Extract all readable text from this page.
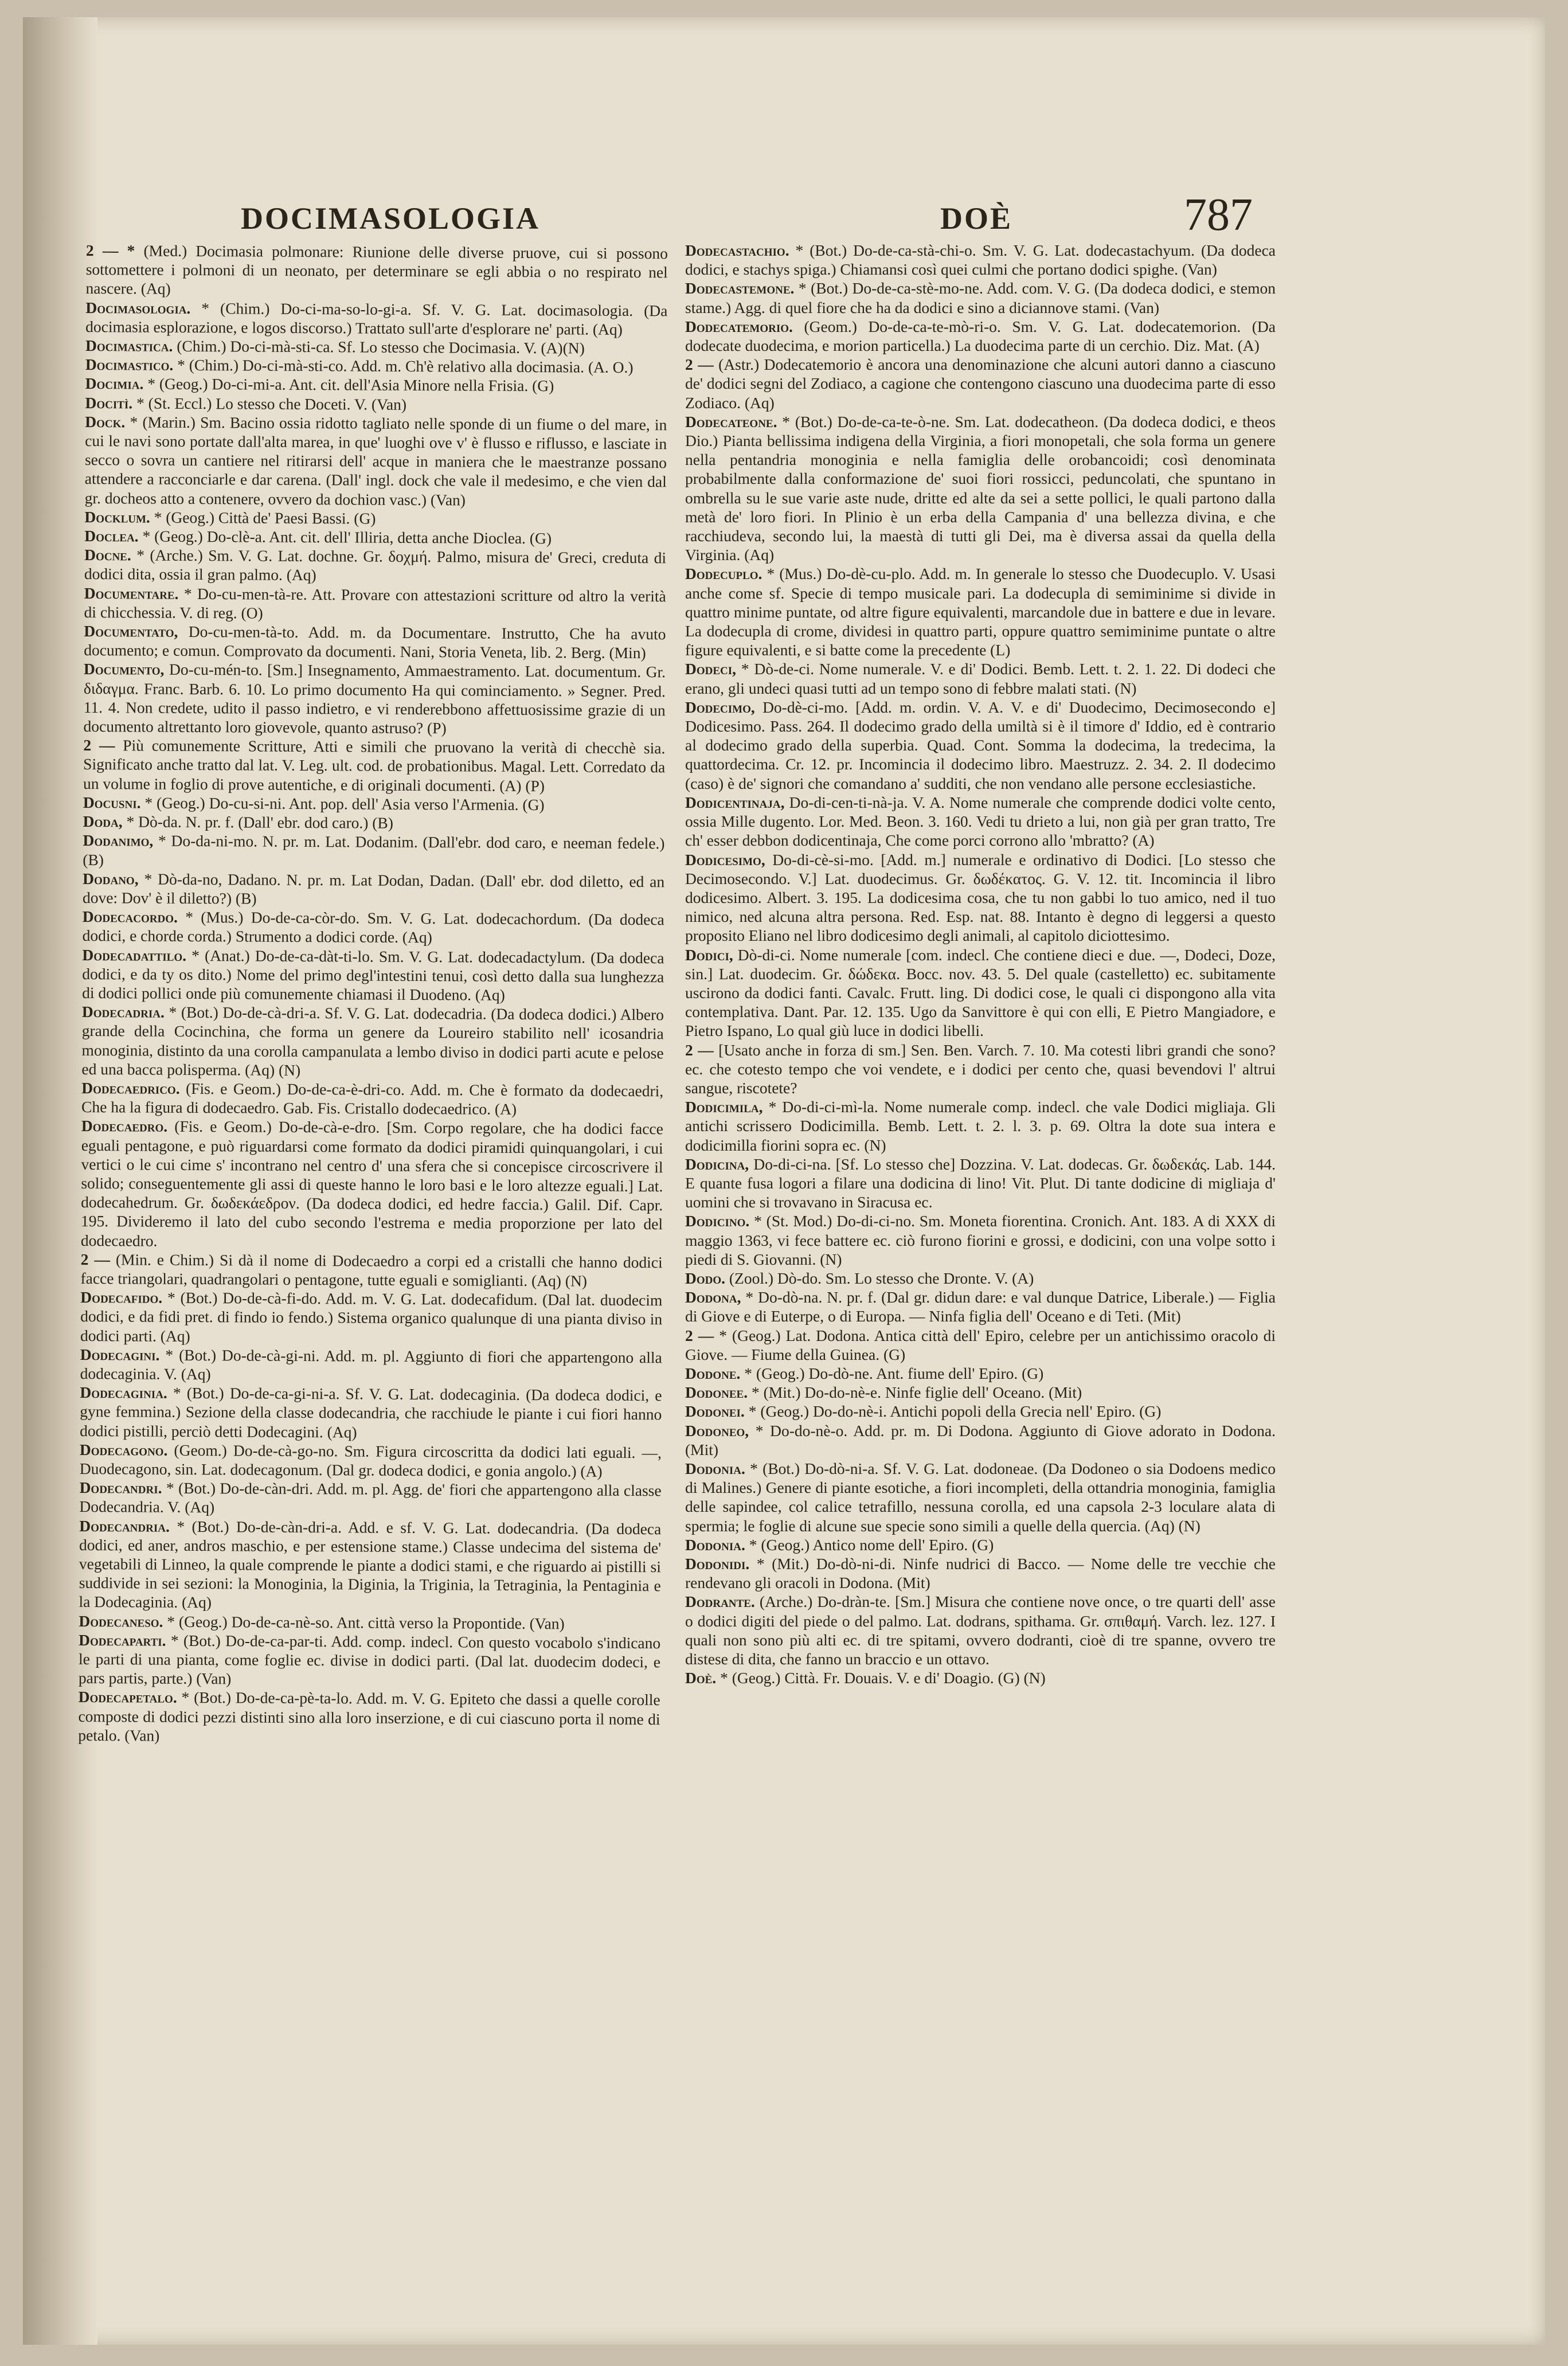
DOCIMASOLOGIA	DOÈ	787

2 — * (Med.) Docimasia polmonare: Riunione delle diverse pruove, cui si possono sottomettere i polmoni di un neonato, per determinare se egli abbia o no respirato nel nascere. (Aq)

Docimasologia. * (Chim.) Do-ci-ma-so-lo-gi-a. Sf. V. G. Lat. docimasologia. (Da docimasia esplorazione, e logos discorso.) Trattato sull'arte d'esplorare ne' parti. (Aq)

Docimastica. (Chim.) Do-ci-mà-sti-ca. Sf. Lo stesso che Docimasia. V. (A)(N)

Docimastico. * (Chim.) Do-ci-mà-sti-co. Add. m. Ch'è relativo alla docimasia. (A. O.)

Docimia. * (Geog.) Do-ci-mi-a. Ant. cit. dell'Asia Minore nella Frisia. (G)

Docitì. * (St. Eccl.) Lo stesso che Doceti. V. (Van)

Dock. * (Marin.) Sm. Bacino ossia ridotto tagliato nelle sponde di un fiume o del mare, in cui le navi sono portate dall'alta marea, in que' luoghi ove v' è flusso e riflusso, e lasciate in secco o sovra un cantiere nel ritirarsi dell' acque in maniera che le maestranze possano attendere a racconciarle e dar carena. (Dall' ingl. dock che vale il medesimo, e che vien dal gr. docheos atto a contenere, ovvero da dochion vasc.) (Van)

Docklum. * (Geog.) Città de' Paesi Bassi. (G)

Doclea. * (Geog.) Do-clè-a. Ant. cit. dell' Illiria, detta anche Dioclea. (G)

Docne. * (Arche.) Sm. V. G. Lat. dochne. Gr. δοχμή. Palmo, misura de' Greci, creduta di dodici dita, ossia il gran palmo. (Aq)

Documentare. * Do-cu-men-tà-re. Att. Provare con attestazioni scritture od altro la verità di chicchessia. V. di reg. (O)

Documentato, Do-cu-men-tà-to. Add. m. da Documentare. Instrutto, Che ha avuto documento; e comun. Comprovato da documenti. Nani, Storia Veneta, lib. 2. Berg. (Min)

Documento, Do-cu-mén-to. [Sm.] Insegnamento, Ammaestramento. Lat. documentum. Gr. διδαγμα. Franc. Barb. 6. 10. Lo primo documento Ha qui cominciamento. » Segner. Pred. 11. 4. Non credete, udito il passo indietro, e vi renderebbono affettuosissime grazie di un documento altrettanto loro giovevole, quanto astruso? (P)

2 — Più comunemente Scritture, Atti e simili che pruovano la verità di checchè sia. Significato anche tratto dal lat. V. Leg. ult. cod. de probationibus. Magal. Lett. Corredato da un volume in foglio di prove autentiche, e di originali documenti. (A) (P)

Docusni. * (Geog.) Do-cu-si-ni. Ant. pop. dell' Asia verso l'Armenia. (G)

Doda, * Dò-da. N. pr. f. (Dall' ebr. dod caro.) (B)

Dodanimo, * Do-da-ni-mo. N. pr. m. Lat. Dodanim. (Dall'ebr. dod caro, e neeman fedele.) (B)

Dodano, * Dò-da-no, Dadano. N. pr. m. Lat Dodan, Dadan. (Dall' ebr. dod diletto, ed an dove: Dov' è il diletto?) (B)

Dodecacordo. * (Mus.) Do-de-ca-còr-do. Sm. V. G. Lat. dodecachordum. (Da dodeca dodici, e chorde corda.) Strumento a dodici corde. (Aq)

Dodecadattilo. * (Anat.) Do-de-ca-dàt-ti-lo. Sm. V. G. Lat. dodecadactylum. (Da dodeca dodici, e da ty os dito.) Nome del primo degl'intestini tenui, così detto dalla sua lunghezza di dodici pollici onde più comunemente chiamasi il Duodeno. (Aq)

Dodecadria. * (Bot.) Do-de-cà-dri-a. Sf. V. G. Lat. dodecadria. (Da dodeca dodici.) Albero grande della Cocinchina, che forma un genere da Loureiro stabilito nell' icosandria monoginia, distinto da una corolla campanulata a lembo diviso in dodici parti acute e pelose ed una bacca polisperma. (Aq) (N)

Dodecaedrico. (Fis. e Geom.) Do-de-ca-è-dri-co. Add. m. Che è formato da dodecaedri, Che ha la figura di dodecaedro. Gab. Fis. Cristallo dodecaedrico. (A)

Dodecaedro. (Fis. e Geom.) Do-de-cà-e-dro. [Sm. Corpo regolare, che ha dodici facce eguali pentagone, e può riguardarsi come formato da dodici piramidi quinquangolari, i cui vertici o le cui cime s' incontrano nel centro d' una sfera che si concepisce circoscrivere il solido; conseguentemente gli assi di queste hanno le loro basi e le loro altezze eguali.] Lat. dodecahedrum. Gr. δωδεκάεδρον. (Da dodeca dodici, ed hedre faccia.) Galil. Dif. Capr. 195. Divideremo il lato del cubo secondo l'estrema e media proporzione per lato del dodecaedro.

2 — (Min. e Chim.) Si dà il nome di Dodecaedro a corpi ed a cristalli che hanno dodici facce triangolari, quadrangolari o pentagone, tutte eguali e somiglianti. (Aq) (N)

Dodecafido. * (Bot.) Do-de-cà-fi-do. Add. m. V. G. Lat. dodecafidum. (Dal lat. duodecim dodici, e da fidi pret. di findo io fendo.) Sistema organico qualunque di una pianta diviso in dodici parti. (Aq)

Dodecagini. * (Bot.) Do-de-cà-gi-ni. Add. m. pl. Aggiunto di fiori che appartengono alla dodecaginia. V. (Aq)

Dodecaginia. * (Bot.) Do-de-ca-gi-ni-a. Sf. V. G. Lat. dodecaginia. (Da dodeca dodici, e gyne femmina.) Sezione della classe dodecandria, che racchiude le piante i cui fiori hanno dodici pistilli, perciò detti Dodecagini. (Aq)

Dodecagono. (Geom.) Do-de-cà-go-no. Sm. Figura circoscritta da dodici lati eguali. —, Duodecagono, sin. Lat. dodecagonum. (Dal gr. dodeca dodici, e gonia angolo.) (A)

Dodecandri. * (Bot.) Do-de-càn-dri. Add. m. pl. Agg. de' fiori che appartengono alla classe Dodecandria. V. (Aq)

Dodecandria. * (Bot.) Do-de-càn-dri-a. Add. e sf. V. G. Lat. dodecandria. (Da dodeca dodici, ed aner, andros maschio, e per estensione stame.) Classe undecima del sistema de' vegetabili di Linneo, la quale comprende le piante a dodici stami, e che riguardo ai pistilli si suddivide in sei sezioni: la Monoginia, la Diginia, la Triginia, la Tetraginia, la Pentaginia e la Dodecaginia. (Aq)

Dodecaneso. * (Geog.) Do-de-ca-nè-so. Ant. città verso la Propontide. (Van)

Dodecaparti. * (Bot.) Do-de-ca-par-ti. Add. comp. indecl. Con questo vocabolo s'indicano le parti di una pianta, come foglie ec. divise in dodici parti. (Dal lat. duodecim dodeci, e pars partis, parte.) (Van)

Dodecapetalo. * (Bot.) Do-de-ca-pè-ta-lo. Add. m. V. G. Epiteto che dassi a quelle corolle composte di dodici pezzi distinti sino alla loro inserzione, e di cui ciascuno porta il nome di petalo. (Van)

Dodecastachio. * (Bot.) Do-de-ca-stà-chi-o. Sm. V. G. Lat. dodecastachyum. (Da dodeca dodici, e stachys spiga.) Chiamansi così quei culmi che portano dodici spighe. (Van)

Dodecastemone. * (Bot.) Do-de-ca-stè-mo-ne. Add. com. V. G. (Da dodeca dodici, e stemon stame.) Agg. di quel fiore che ha da dodici e sino a diciannove stami. (Van)

Dodecatemorio. (Geom.) Do-de-ca-te-mò-ri-o. Sm. V. G. Lat. dodecatemorion. (Da dodecate duodecima, e morion particella.) La duodecima parte di un cerchio. Diz. Mat. (A)

2 — (Astr.) Dodecatemorio è ancora una denominazione che alcuni autori danno a ciascuno de' dodici segni del Zodiaco, a cagione che contengono ciascuno una duodecima parte di esso Zodiaco. (Aq)

Dodecateone. * (Bot.) Do-de-ca-te-ò-ne. Sm. Lat. dodecatheon. (Da dodeca dodici, e theos Dio.) Pianta bellissima indigena della Virginia, a fiori monopetali, che sola forma un genere nella pentandria monoginia e nella famiglia delle orobancoidi; così denominata probabilmente dalla conformazione de' suoi fiori rossicci, peduncolati, che spuntano in ombrella su le sue varie aste nude, dritte ed alte da sei a sette pollici, le quali partono dalla metà de' loro fiori. In Plinio è un erba della Campania d' una bellezza divina, e che racchiudeva, secondo lui, la maestà di tutti gli Dei, ma è diversa assai da quella della Virginia. (Aq)

Dodecuplo. * (Mus.) Do-dè-cu-plo. Add. m. In generale lo stesso che Duodecuplo. V. Usasi anche come sf. Specie di tempo musicale pari. La dodecupla di semiminime si divide in quattro minime puntate, od altre figure equivalenti, marcandole due in battere e due in levare. La dodecupla di crome, dividesi in quattro parti, oppure quattro semiminime puntate o altre figure equivalenti, e si batte come la precedente (L)

Dodeci, * Dò-de-ci. Nome numerale. V. e di' Dodici. Bemb. Lett. t. 2. 1. 22. Di dodeci che erano, gli undeci quasi tutti ad un tempo sono di febbre malati stati. (N)

Dodecimo, Do-dè-ci-mo. [Add. m. ordin. V. A. V. e di' Duodecimo, Decimosecondo e] Dodicesimo. Pass. 264. Il dodecimo grado della umiltà si è il timore d' Iddio, ed è contrario al dodecimo grado della superbia. Quad. Cont. Somma la dodecima, la tredecima, la quattordecima. Cr. 12. pr. Incomincia il dodecimo libro. Maestruzz. 2. 34. 2. Il dodecimo (caso) è de' signori che comandano a' sudditi, che non vendano alle persone ecclesiastiche.

Dodicentinaja, Do-di-cen-ti-nà-ja. V. A. Nome numerale che comprende dodici volte cento, ossia Mille dugento. Lor. Med. Beon. 3. 160. Vedi tu drieto a lui, non già per gran tratto, Tre ch' esser debbon dodicentinaja, Che come porci corrono allo 'mbratto? (A)

Dodicesimo, Do-di-cè-si-mo. [Add. m.] numerale e ordinativo di Dodici. [Lo stesso che Decimosecondo. V.] Lat. duodecimus. Gr. δωδέκατος. G. V. 12. tit. Incomincia il libro dodicesimo. Albert. 3. 195. La dodicesima cosa, che tu non gabbi lo tuo amico, ned il tuo nimico, ned alcuna altra persona. Red. Esp. nat. 88. Intanto è degno di leggersi a questo proposito Eliano nel libro dodicesimo degli animali, al capitolo diciottesimo.

Dodici, Dò-di-ci. Nome numerale [com. indecl. Che contiene dieci e due. —, Dodeci, Doze, sin.] Lat. duodecim. Gr. δώδεκα. Bocc. nov. 43. 5. Del quale (castelletto) ec. subitamente uscirono da dodici fanti. Cavalc. Frutt. ling. Di dodici cose, le quali ci dispongono alla vita contemplativa. Dant. Par. 12. 135. Ugo da Sanvittore è qui con elli, E Pietro Mangiadore, e Pietro Ispano, Lo qual giù luce in dodici libelli.

2 — [Usato anche in forza di sm.] Sen. Ben. Varch. 7. 10. Ma cotesti libri grandi che sono? ec. che cotesto tempo che voi vendete, e i dodici per cento che, quasi bevendovi l' altrui sangue, riscotete?

Dodicimila, * Do-di-ci-mì-la. Nome numerale comp. indecl. che vale Dodici migliaja. Gli antichi scrissero Dodicimilla. Bemb. Lett. t. 2. l. 3. p. 69. Oltra la dote sua intera e dodicimilla fiorini sopra ec. (N)

Dodicina, Do-di-ci-na. [Sf. Lo stesso che] Dozzina. V. Lat. dodecas. Gr. δωδεκάς. Lab. 144. E quante fusa logori a filare una dodicina di lino! Vit. Plut. Di tante dodicine di migliaja d' uomini che si trovavano in Siracusa ec.

Dodicino. * (St. Mod.) Do-di-ci-no. Sm. Moneta fiorentina. Cronich. Ant. 183. A di XXX di maggio 1363, vi fece battere ec. ciò furono fiorini e grossi, e dodicini, con una volpe sotto i piedi di S. Giovanni. (N)

Dodo. (Zool.) Dò-do. Sm. Lo stesso che Dronte. V. (A)

Dodona, * Do-dò-na. N. pr. f. (Dal gr. didun dare: e val dunque Datrice, Liberale.) — Figlia di Giove e di Euterpe, o di Europa. — Ninfa figlia dell' Oceano e di Teti. (Mit)

2 — * (Geog.) Lat. Dodona. Antica città dell' Epiro, celebre per un antichissimo oracolo di Giove. — Fiume della Guinea. (G)

Dodone. * (Geog.) Do-dò-ne. Ant. fiume dell' Epiro. (G)

Dodonee. * (Mit.) Do-do-nè-e. Ninfe figlie dell' Oceano. (Mit)

Dodonei. * (Geog.) Do-do-nè-i. Antichi popoli della Grecia nell' Epiro. (G)

Dodoneo, * Do-do-nè-o. Add. pr. m. Di Dodona. Aggiunto di Giove adorato in Dodona. (Mit)

Dodonia. * (Bot.) Do-dò-ni-a. Sf. V. G. Lat. dodoneae. (Da Dodoneo o sia Dodoens medico di Malines.) Genere di piante esotiche, a fiori incompleti, della ottandria monoginia, famiglia delle sapindee, col calice tetrafillo, nessuna corolla, ed una capsola 2-3 loculare alata di spermia; le foglie di alcune sue specie sono simili a quelle della quercia. (Aq) (N)

Dodonia. * (Geog.) Antico nome dell' Epiro. (G)

Dodonidi. * (Mit.) Do-dò-ni-di. Ninfe nudrici di Bacco. — Nome delle tre vecchie che rendevano gli oracoli in Dodona. (Mit)

Dodrante. (Arche.) Do-dràn-te. [Sm.] Misura che contiene nove once, o tre quarti dell' asse o dodici digiti del piede o del palmo. Lat. dodrans, spithama. Gr. σπιθαμή. Varch. lez. 127. I quali non sono più alti ec. di tre spitami, ovvero dodranti, cioè di tre spanne, ovvero tre distese di dita, che fanno un braccio e un ottavo.

Doè. * (Geog.) Città. Fr. Douais. V. e di' Doagio. (G) (N)
